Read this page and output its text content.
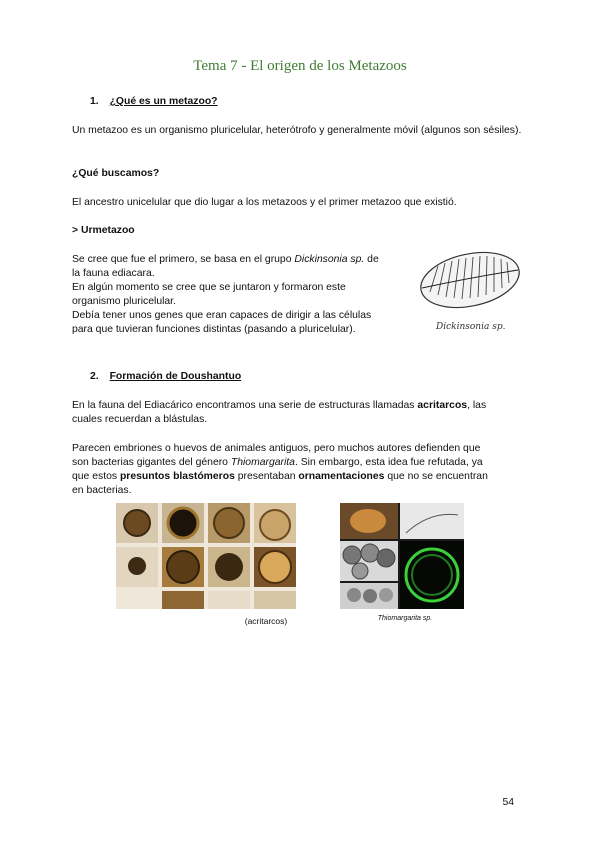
Tema 7 - El origen de los Metazoos
1. ¿Qué es un metazoo?
Un metazoo es un organismo pluricelular, heterótrofo y generalmente móvil (algunos son sésiles).
¿Qué buscamos?
El ancestro unicelular que dio lugar a los metazoos y el primer metazoo que existió.
> Urmetazoo
Se cree que fue el primero, se basa en el grupo Dickinsonia sp. de
la fauna ediacara.
En algún momento se cree que se juntaron y formaron este
organismo pluricelular.
Debía tener unos genes que eran capaces de dirigir a las células
para que tuvieran funciones distintas (pasando a pluricelular).	Dickinsonia sp.
2. Formación de Doushantuo
En la fauna del Ediacárico encontramos una serie de estructuras llamadas acritarcos, las
cuales recuerdan a blástulas.
Parecen embriones o huevos de animales antiguos, pero muchos autores defienden que
son bacterias gigantes del género Thiomargarita. Sin embargo, esta idea fue refutada, ya
que estos presuntos blastómeros presentaban ornamentaciones que no se encuentran
en bacterias.
(acritarcos)	Thiomargarita sp.
54
